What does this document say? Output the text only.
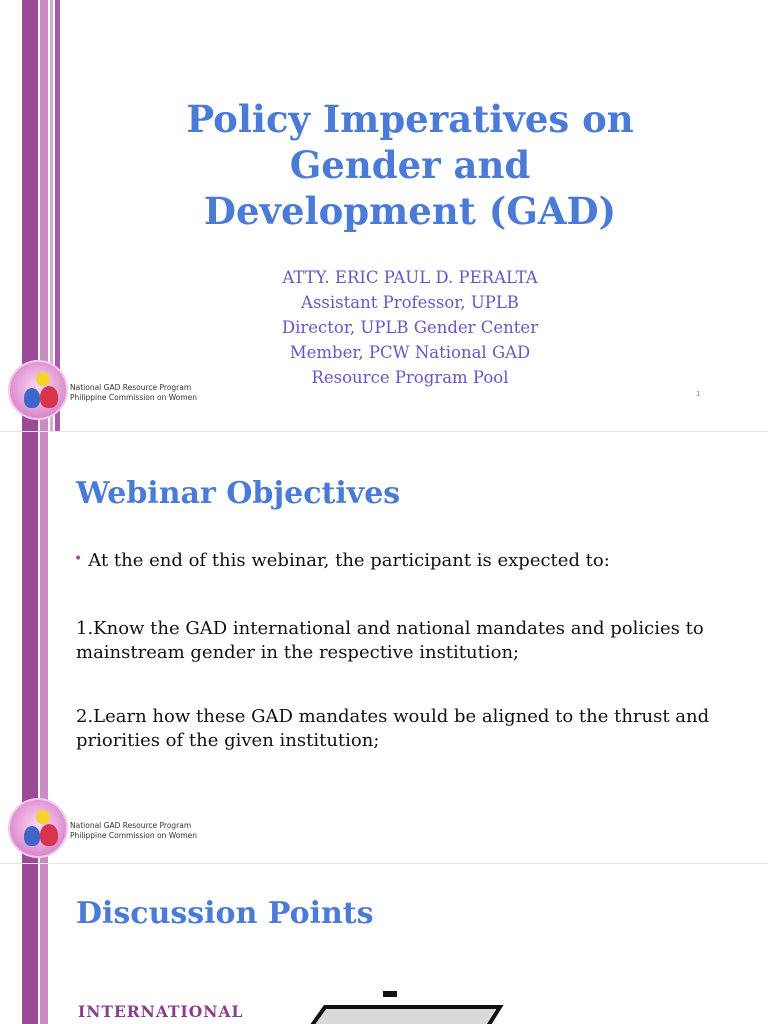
Policy Imperatives on
Gender and
Development (GAD)
ATTY. ERIC PAUL D. PERALTA
Assistant Professor, UPLB
Director, UPLB Gender Center
Member, PCW National GAD
Resource Program Pool
National GAD Resource Program
Philippine Commission on Women	1
Webinar Objectives
• At the end of this webinar, the participant is expected to:
1.Know the GAD international and national mandates and policies to mainstream gender in the respective institution;
2.Learn how these GAD mandates would be aligned to the thrust and priorities of the given institution;
National GAD Resource Program
Philippine Commission on Women
Discussion Points
INTERNATIONAL
